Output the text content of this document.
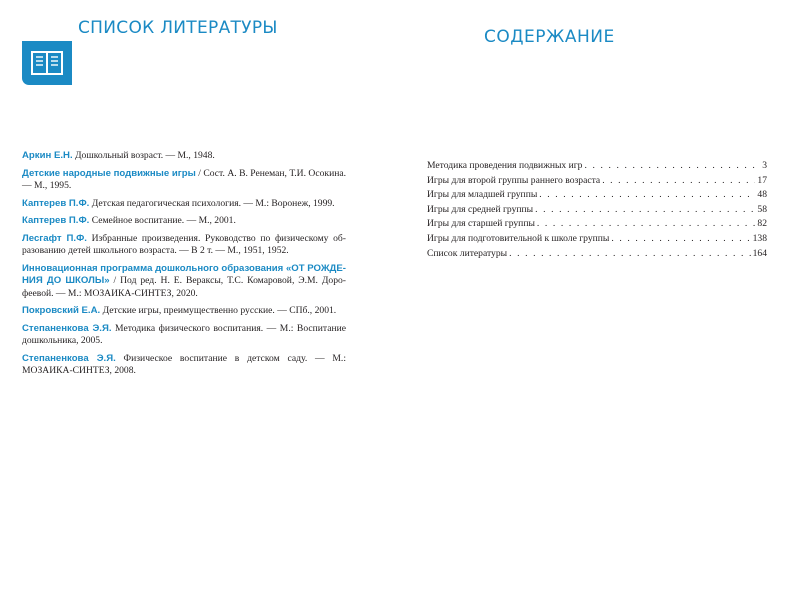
СПИСОК ЛИТЕРАТУРЫ
Аркин Е.Н. Дошкольный возраст. — М., 1948.
Детские народные подвижные игры / Сост. А. В. Ренеман, Т.И. Осокина. — М., 1995.
Каптерев П.Ф. Детская педагогическая психология. — М.: Воронеж, 1999.
Каптерев П.Ф. Семейное воспитание. — М., 2001.
Лесгафт П.Ф. Избранные произведения. Руководство по физическому образованию детей школьного возраста. — В 2 т. — М., 1951, 1952.
Инновационная программа дошкольного образования «ОТ РОЖДЕНИЯ ДО ШКОЛЫ» / Под ред. Н. Е. Вераксы, Т.С. Комаровой, Э.М. Дорофеевой. — М.: МОЗАИКА-СИНТЕЗ, 2020.
Покровский Е.А. Детские игры, преимущественно русские. — СПб., 2001.
Степаненкова Э.Я. Методика физического воспитания. — М.: Воспитание дошкольника, 2005.
Степаненкова Э.Я. Физическое воспитание в детском саду. — М.: МОЗАИКА-СИНТЕЗ, 2008.
СОДЕРЖАНИЕ
Методика проведения подвижных игр . . .	3
Игры для второй группы раннего возраста . . .	17
Игры для младшей группы . . .	48
Игры для средней группы . . .	58
Игры для старшей группы . . .	82
Игры для подготовительной к школе группы . . .	138
Список литературы . . .	164
